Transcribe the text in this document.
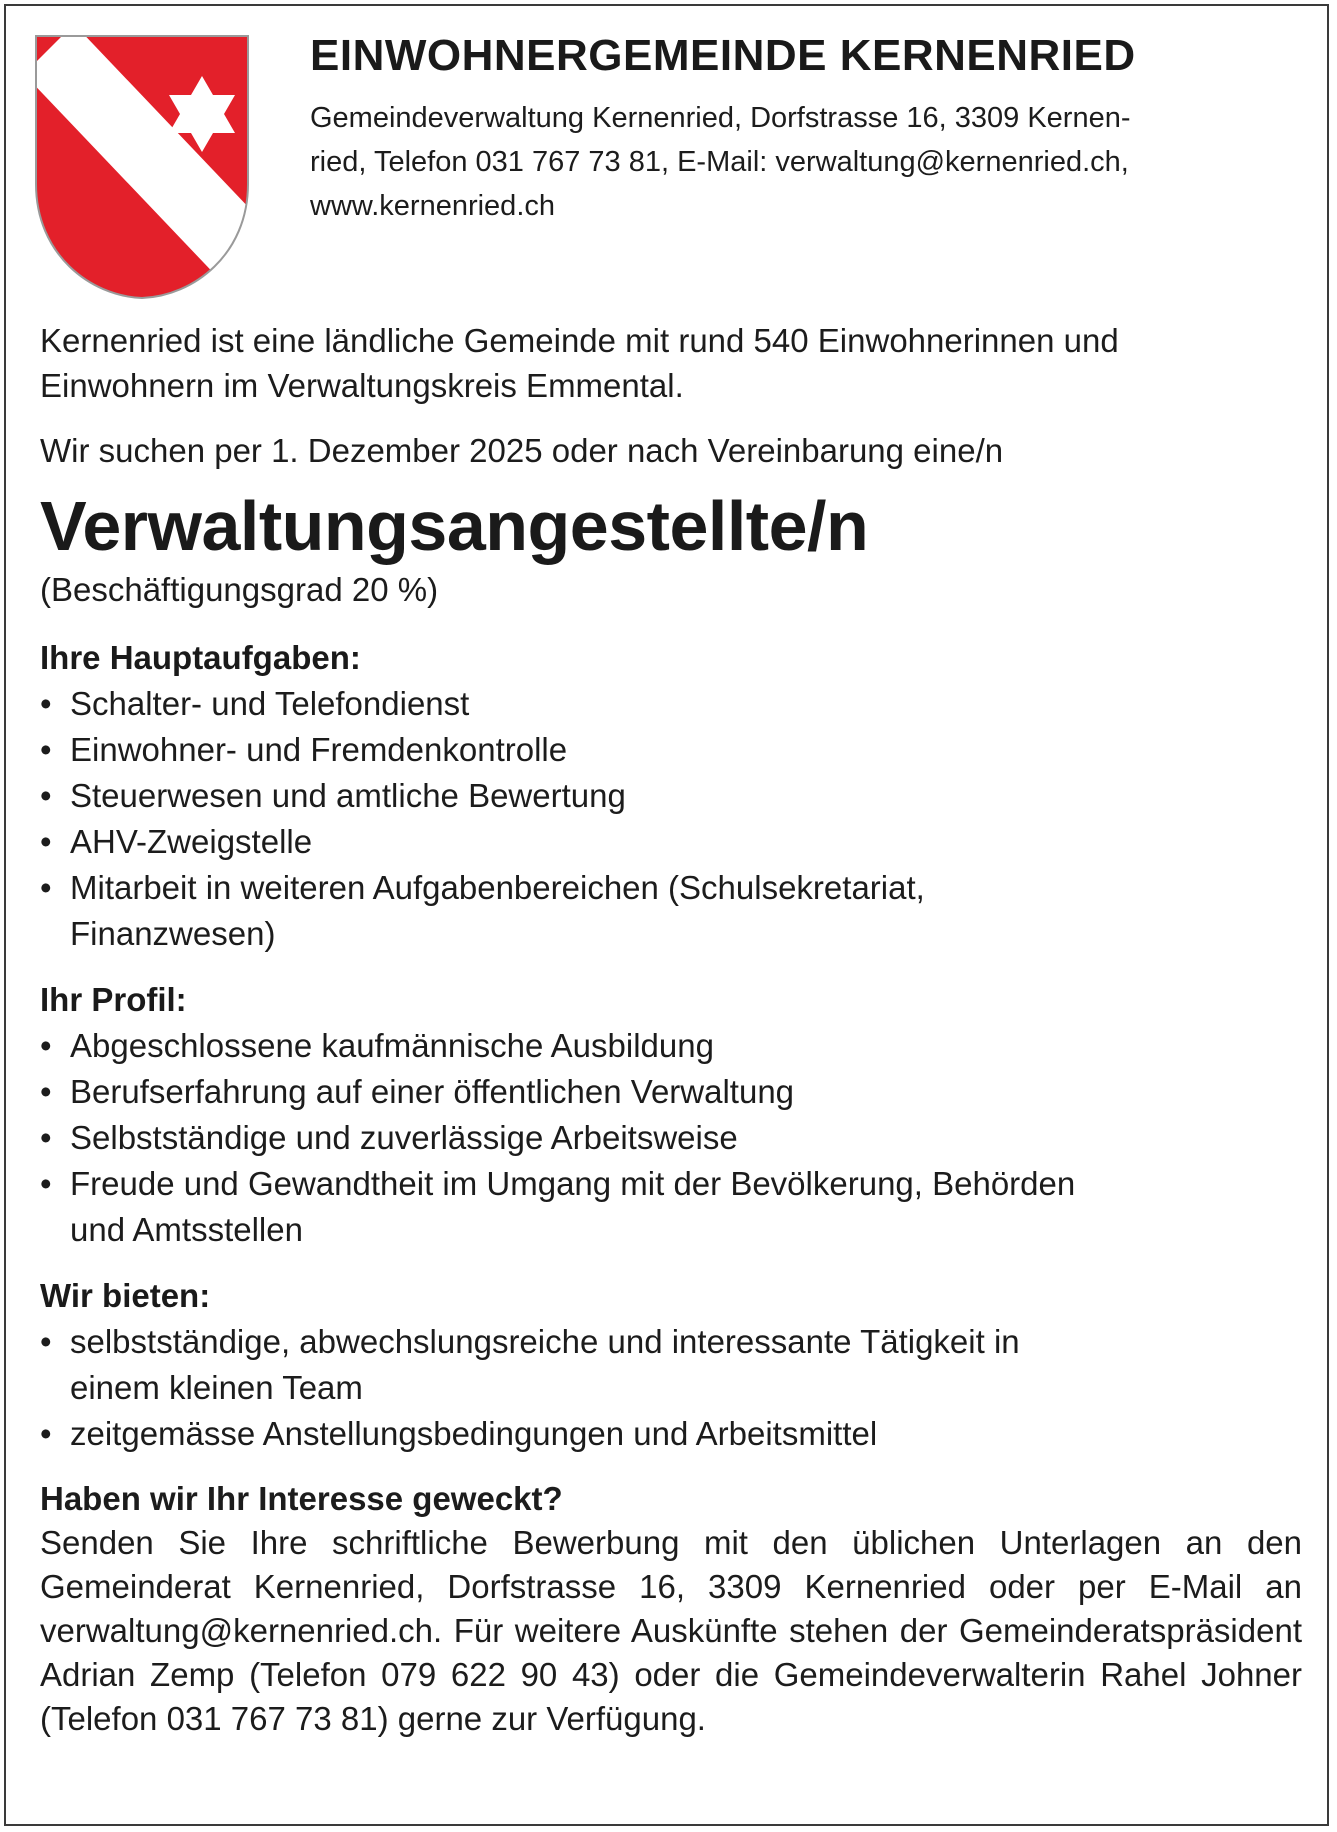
EINWOHNERGEMEINDE KERNENRIED

Gemeindeverwaltung Kernenried, Dorfstrasse 16, 3309 Kernen-
ried, Telefon 031 767 73 81, E-Mail: verwaltung@kernenried.ch,
www.kernenried.ch

Kernenried ist eine ländliche Gemeinde mit rund 540 Einwohnerinnen und Einwohnern im Verwaltungskreis Emmental.

Wir suchen per 1. Dezember 2025 oder nach Vereinbarung eine/n

Verwaltungsangestellte/n

(Beschäftigungsgrad 20 %)

Ihre Hauptaufgaben:
• Schalter- und Telefondienst
• Einwohner- und Fremdenkontrolle
• Steuerwesen und amtliche Bewertung
• AHV-Zweigstelle
• Mitarbeit in weiteren Aufgabenbereichen (Schulsekretariat, Finanzwesen)
Ihr Profil:
• Abgeschlossene kaufmännische Ausbildung
• Berufserfahrung auf einer öffentlichen Verwaltung
• Selbstständige und zuverlässige Arbeitsweise
• Freude und Gewandtheit im Umgang mit der Bevölkerung, Behörden und Amtsstellen
Wir bieten:
• selbstständige, abwechslungsreiche und interessante Tätigkeit in einem kleinen Team
• zeitgemässe Anstellungsbedingungen und Arbeitsmittel
Haben wir Ihr Interesse geweckt?

Senden Sie Ihre schriftliche Bewerbung mit den üblichen Unterlagen an den Gemeinderat Kernenried, Dorfstrasse 16, 3309 Kernenried oder per E-Mail an verwaltung@kernenried.ch. Für weitere Auskünfte stehen der Gemeinderatspräsident Adrian Zemp (Telefon 079 622 90 43) oder die Gemeindeverwalterin Rahel Johner (Telefon 031 767 73 81) gerne zur Verfügung.
